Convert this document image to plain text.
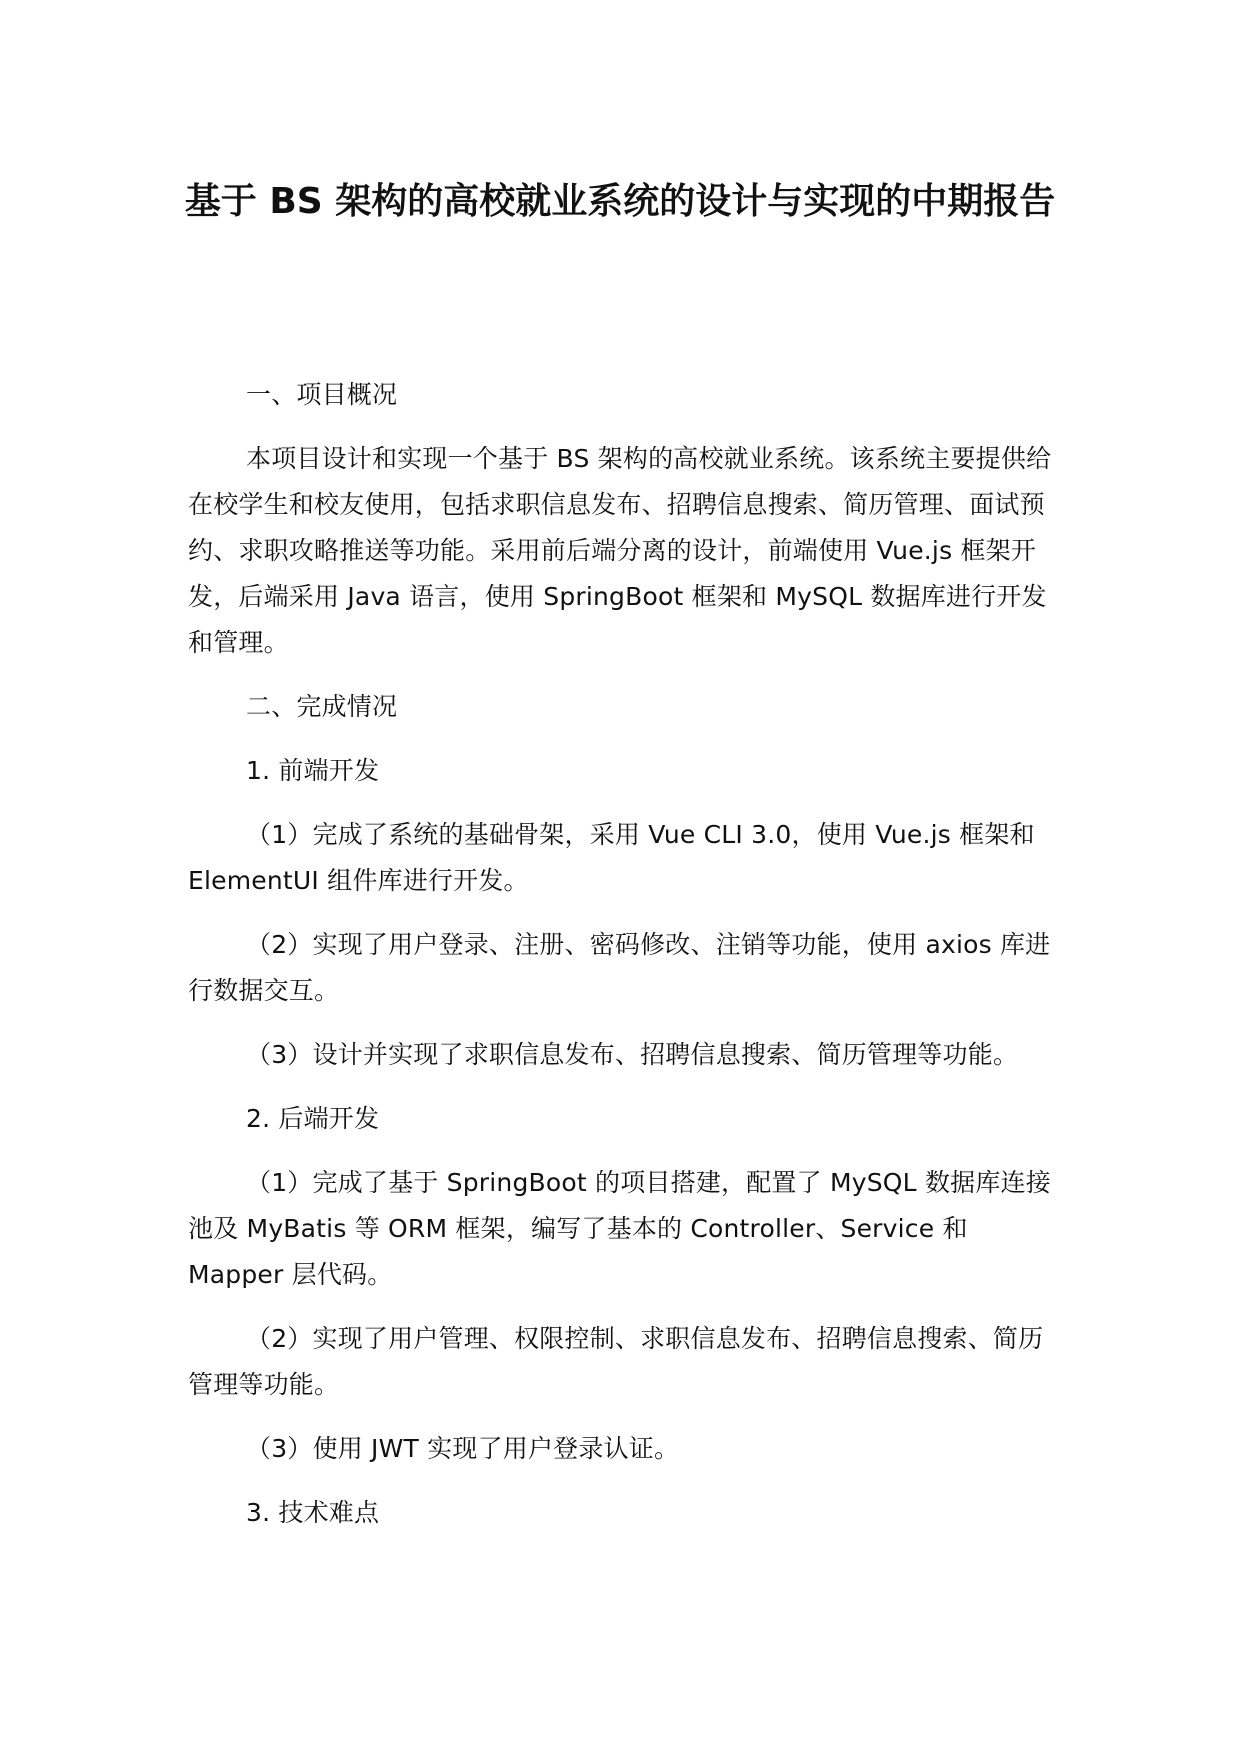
基于 BS 架构的高校就业系统的设计与实现的中期报告

一、项目概况

本项目设计和实现一个基于 BS 架构的高校就业系统。该系统主要提供给在校学生和校友使用，包括求职信息发布、招聘信息搜索、简历管理、面试预约、求职攻略推送等功能。采用前后端分离的设计，前端使用 Vue.js 框架开发，后端采用 Java 语言，使用 SpringBoot 框架和 MySQL 数据库进行开发和管理。

二、完成情况

1. 前端开发

（1）完成了系统的基础骨架，采用 Vue CLI 3.0，使用 Vue.js 框架和 ElementUI 组件库进行开发。

（2）实现了用户登录、注册、密码修改、注销等功能，使用 axios 库进行数据交互。

（3）设计并实现了求职信息发布、招聘信息搜索、简历管理等功能。

2. 后端开发

（1）完成了基于 SpringBoot 的项目搭建，配置了 MySQL 数据库连接池及 MyBatis 等 ORM 框架，编写了基本的 Controller、Service 和 Mapper 层代码。

（2）实现了用户管理、权限控制、求职信息发布、招聘信息搜索、简历管理等功能。

（3）使用 JWT 实现了用户登录认证。

3. 技术难点
